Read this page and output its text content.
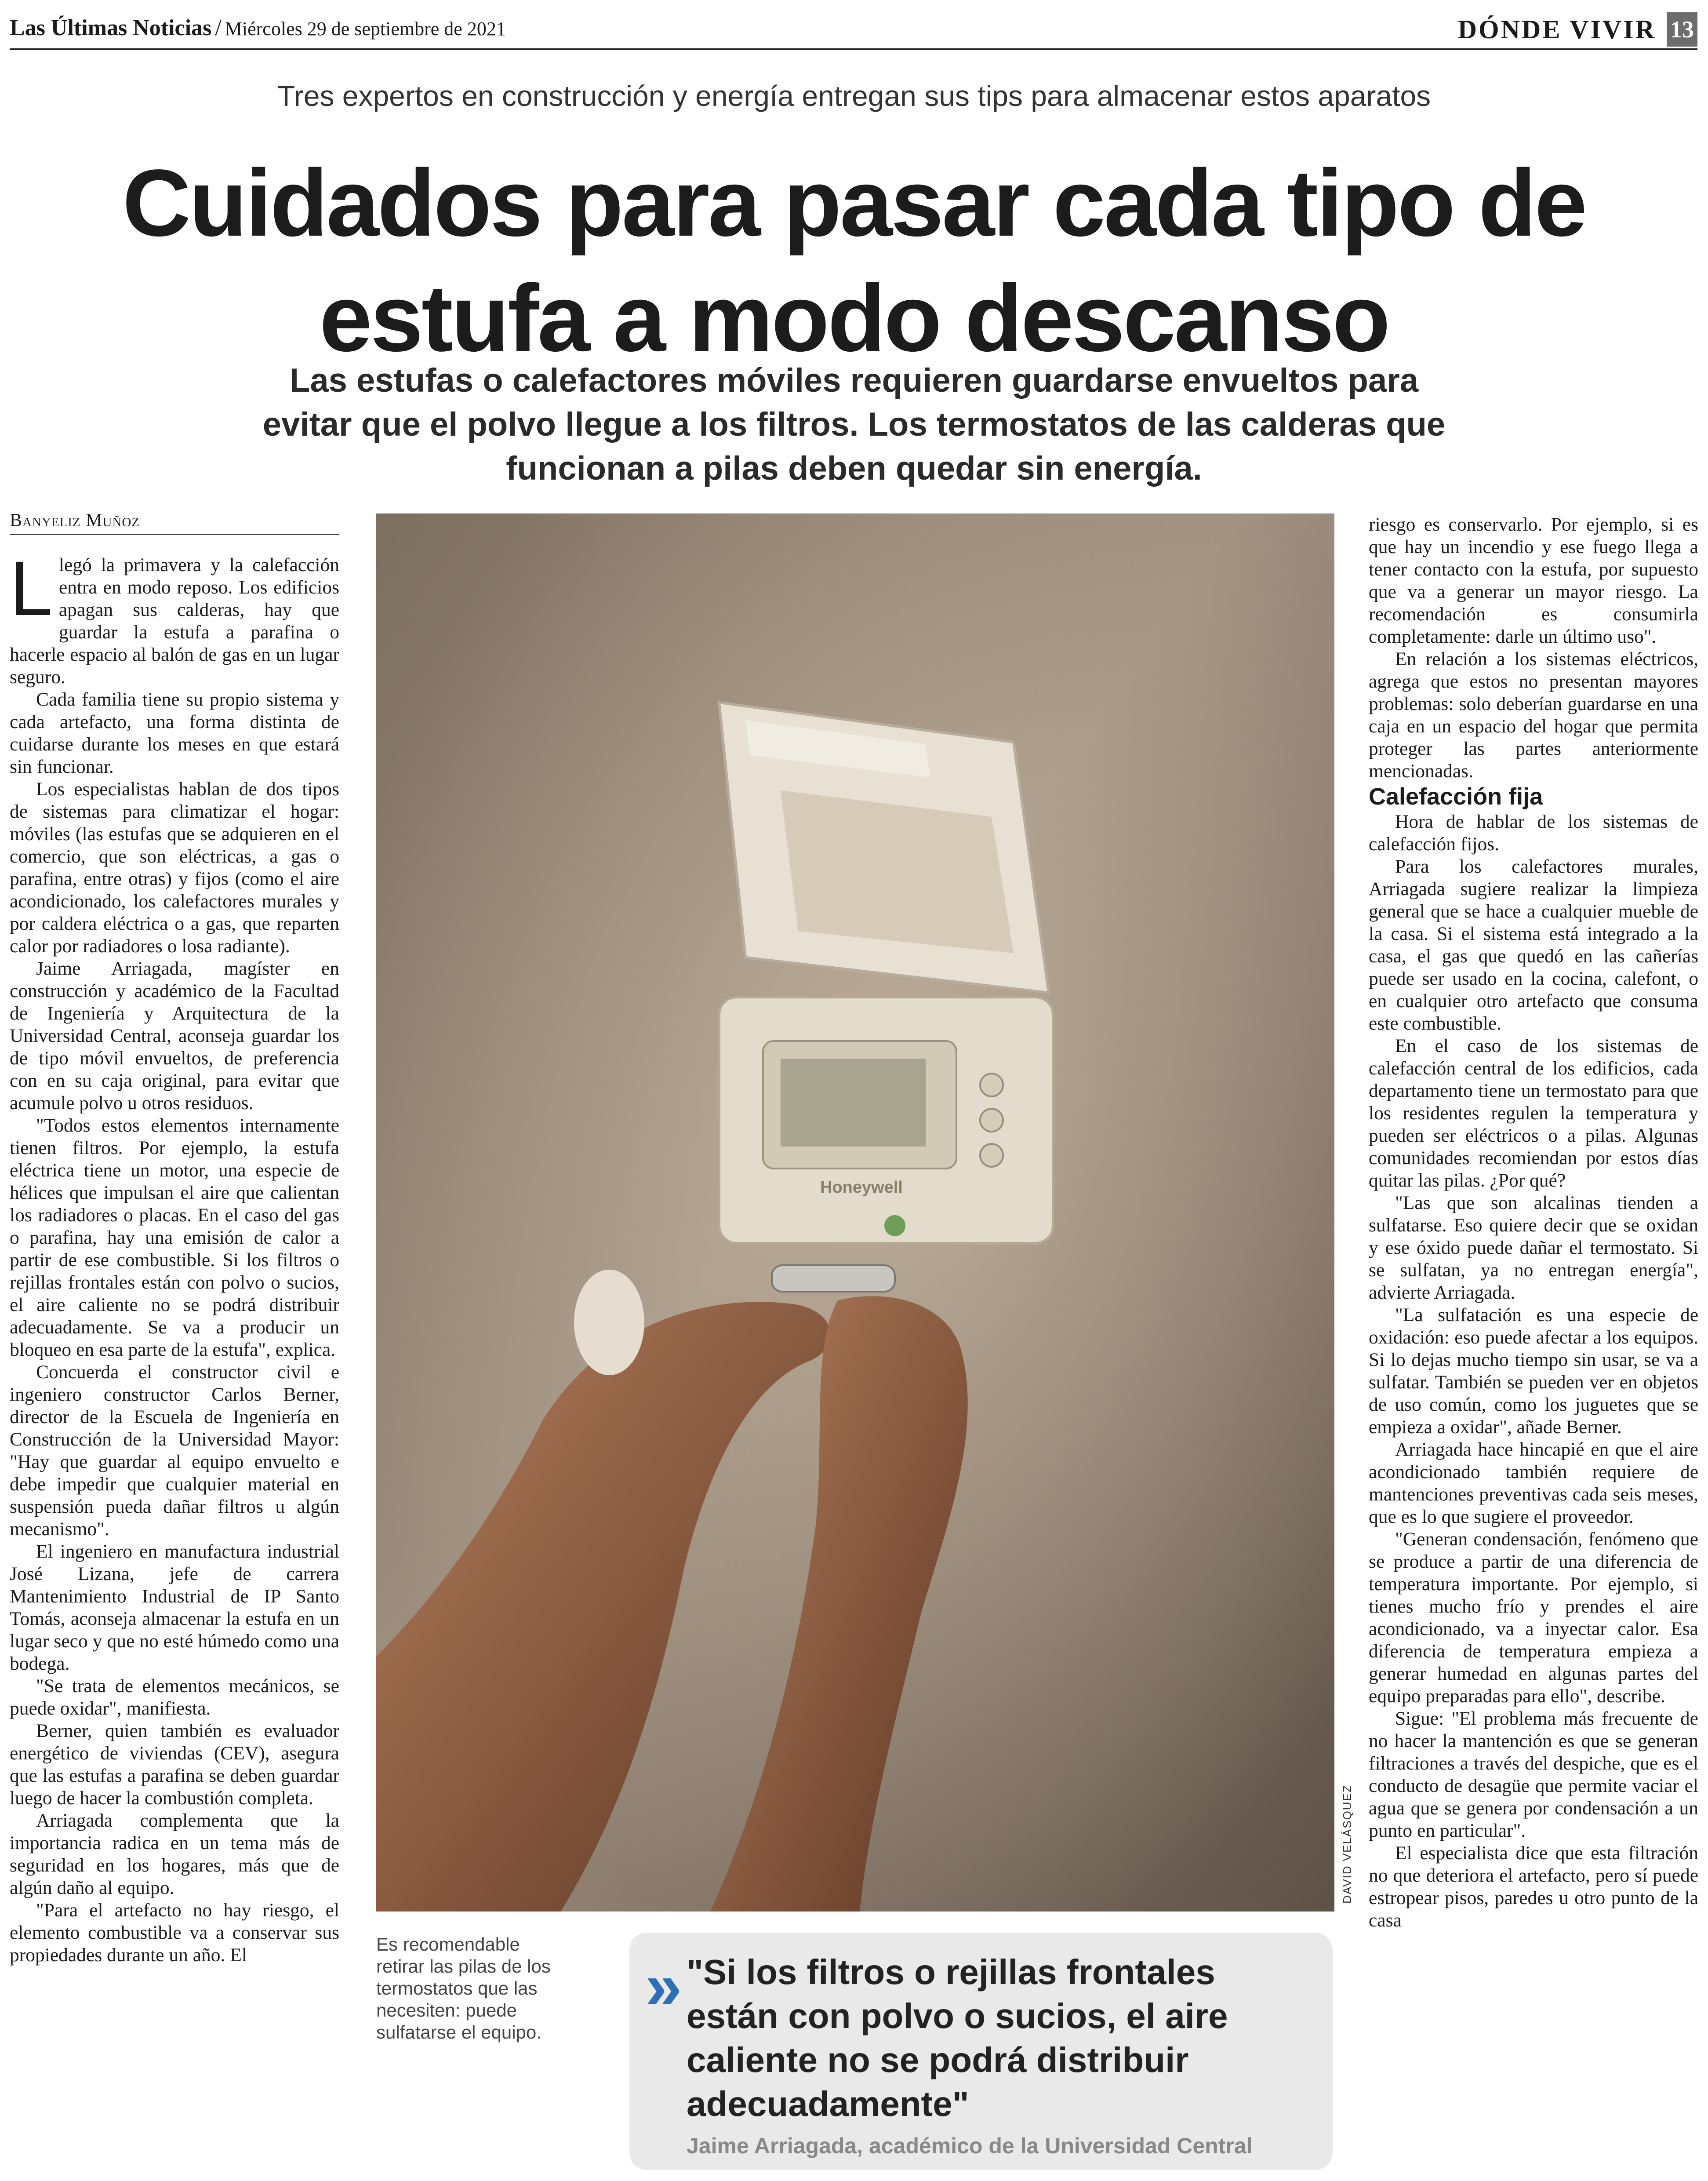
Las Últimas Noticias / Miércoles 29 de septiembre de 2021	DÓNDE VIVIR 13
Tres expertos en construcción y energía entregan sus tips para almacenar estos aparatos
Cuidados para pasar cada tipo de
estufa a modo descanso
Las estufas o calefactores móviles requieren guardarse envueltos para evitar que el polvo llegue a los filtros. Los termostatos de las calderas que funcionan a pilas deben quedar sin energía.
Banyeliz Muñoz

Llegó la primavera y la calefacción entra en modo reposo. Los edificios apagan sus calderas, hay que guardar la estufa a parafina o hacerle espacio al balón de gas en un lugar seguro.

Cada familia tiene su propio sistema y cada artefacto, una forma distinta de cuidarse durante los meses en que estará sin funcionar.

Los especialistas hablan de dos tipos de sistemas para climatizar el hogar: móviles (las estufas que se adquieren en el comercio, que son eléctricas, a gas o parafina, entre otras) y fijos (como el aire acondicionado, los calefactores murales y por caldera eléctrica o a gas, que reparten calor por radiadores o losa radiante).

Jaime Arriagada, magíster en construcción y académico de la Facultad de Ingeniería y Arquitectura de la Universidad Central, aconseja guardar los de tipo móvil envueltos, de preferencia con en su caja original, para evitar que acumule polvo u otros residuos.

"Todos estos elementos internamente tienen filtros. Por ejemplo, la estufa eléctrica tiene un motor, una especie de hélices que impulsan el aire que calientan los radiadores o placas. En el caso del gas o parafina, hay una emisión de calor a partir de ese combustible. Si los filtros o rejillas frontales están con polvo o sucios, el aire caliente no se podrá distribuir adecuadamente. Se va a producir un bloqueo en esa parte de la estufa", explica.

Concuerda el constructor civil e ingeniero constructor Carlos Berner, director de la Escuela de Ingeniería en Construcción de la Universidad Mayor: "Hay que guardar al equipo envuelto e debe impedir que cualquier material en suspensión pueda dañar filtros u algún mecanismo".

El ingeniero en manufactura industrial José Lizana, jefe de carrera Mantenimiento Industrial de IP Santo Tomás, aconseja almacenar la estufa en un lugar seco y que no esté húmedo como una bodega.

"Se trata de elementos mecánicos, se puede oxidar", manifiesta.

Berner, quien también es evaluador energético de viviendas (CEV), asegura que las estufas a parafina se deben guardar luego de hacer la combustión completa.

Arriagada complementa que la importancia radica en un tema más de seguridad en los hogares, más que de algún daño al equipo.

"Para el artefacto no hay riesgo, el elemento combustible va a conservar sus propiedades durante un año. El

Honeywell
DAVID VELÁSQUEZ
Es recomendable retirar las pilas de los termostatos que las necesiten: puede sulfatarse el equipo.
» "Si los filtros o rejillas frontales están con polvo o sucios, el aire caliente no se podrá distribuir adecuadamente"
Jaime Arriagada, académico de la Universidad Central

riesgo es conservarlo. Por ejemplo, si es que hay un incendio y ese fuego llega a tener contacto con la estufa, por supuesto que va a generar un mayor riesgo. La recomendación es consumirla completamente: darle un último uso".

En relación a los sistemas eléctricos, agrega que estos no presentan mayores problemas: solo deberían guardarse en una caja en un espacio del hogar que permita proteger las partes anteriormente mencionadas.

Calefacción fija

Hora de hablar de los sistemas de calefacción fijos.

Para los calefactores murales, Arriagada sugiere realizar la limpieza general que se hace a cualquier mueble de la casa. Si el sistema está integrado a la casa, el gas que quedó en las cañerías puede ser usado en la cocina, calefont, o en cualquier otro artefacto que consuma este combustible.

En el caso de los sistemas de calefacción central de los edificios, cada departamento tiene un termostato para que los residentes regulen la temperatura y pueden ser eléctricos o a pilas. Algunas comunidades recomiendan por estos días quitar las pilas. ¿Por qué?

"Las que son alcalinas tienden a sulfatarse. Eso quiere decir que se oxidan y ese óxido puede dañar el termostato. Si se sulfatan, ya no entregan energía", advierte Arriagada.

"La sulfatación es una especie de oxidación: eso puede afectar a los equipos. Si lo dejas mucho tiempo sin usar, se va a sulfatar. También se pueden ver en objetos de uso común, como los juguetes que se empieza a oxidar", añade Berner.

Arriagada hace hincapié en que el aire acondicionado también requiere de mantenciones preventivas cada seis meses, que es lo que sugiere el proveedor.

"Generan condensación, fenómeno que se produce a partir de una diferencia de temperatura importante. Por ejemplo, si tienes mucho frío y prendes el aire acondicionado, va a inyectar calor. Esa diferencia de temperatura empieza a generar humedad en algunas partes del equipo preparadas para ello", describe.

Sigue: "El problema más frecuente de no hacer la mantención es que se generan filtraciones a través del despiche, que es el conducto de desagüe que permite vaciar el agua que se genera por condensación a un punto en particular".

El especialista dice que esta filtración no que deteriora el artefacto, pero sí puede estropear pisos, paredes u otro punto de la casa
